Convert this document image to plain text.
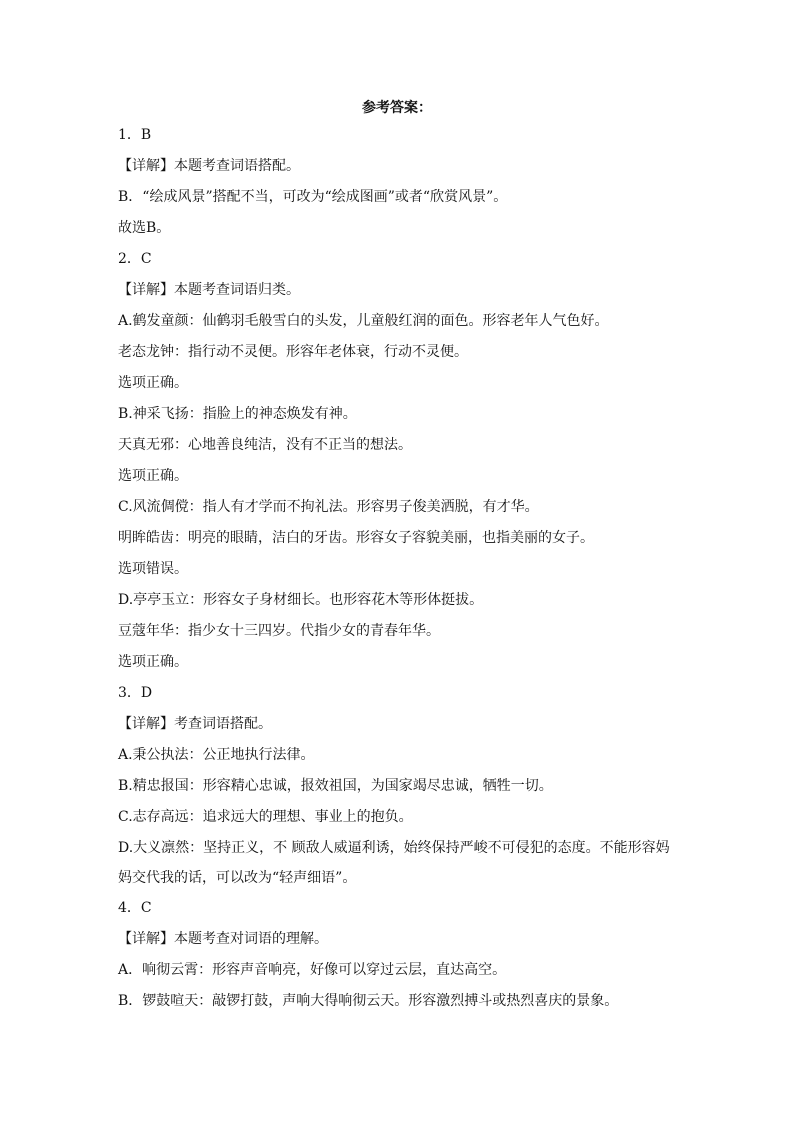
参考答案：
1．B
【详解】本题考查词语搭配。
B．“绘成风景”搭配不当，可改为“绘成图画”或者“欣赏风景”。
故选B。
2．C
【详解】本题考查词语归类。
A.鹤发童颜：仙鹤羽毛般雪白的头发，儿童般红润的面色。形容老年人气色好。
老态龙钟：指行动不灵便。形容年老体衰，行动不灵便。
选项正确。
B.神采飞扬：指脸上的神态焕发有神。
天真无邪：心地善良纯洁，没有不正当的想法。
选项正确。
C.风流倜傥：指人有才学而不拘礼法。形容男子俊美洒脱，有才华。
明眸皓齿：明亮的眼睛，洁白的牙齿。形容女子容貌美丽，也指美丽的女子。
选项错误。
D.亭亭玉立：形容女子身材细长。也形容花木等形体挺拔。
豆蔻年华：指少女十三四岁。代指少女的青春年华。
选项正确。
3．D
【详解】考查词语搭配。
A.秉公执法：公正地执行法律。
B.精忠报国：形容精心忠诚，报效祖国，为国家竭尽忠诚，牺牲一切。
C.志存高远：追求远大的理想、事业上的抱负。
D.大义凛然：坚持正义，不 顾敌人威逼利诱，始终保持严峻不可侵犯的态度。不能形容妈妈交代我的话，可以改为“轻声细语”。
4．C
【详解】本题考查对词语的理解。
A．响彻云霄：形容声音响亮，好像可以穿过云层，直达高空。
B．锣鼓喧天：敲锣打鼓，声响大得响彻云天。形容激烈搏斗或热烈喜庆的景象。
